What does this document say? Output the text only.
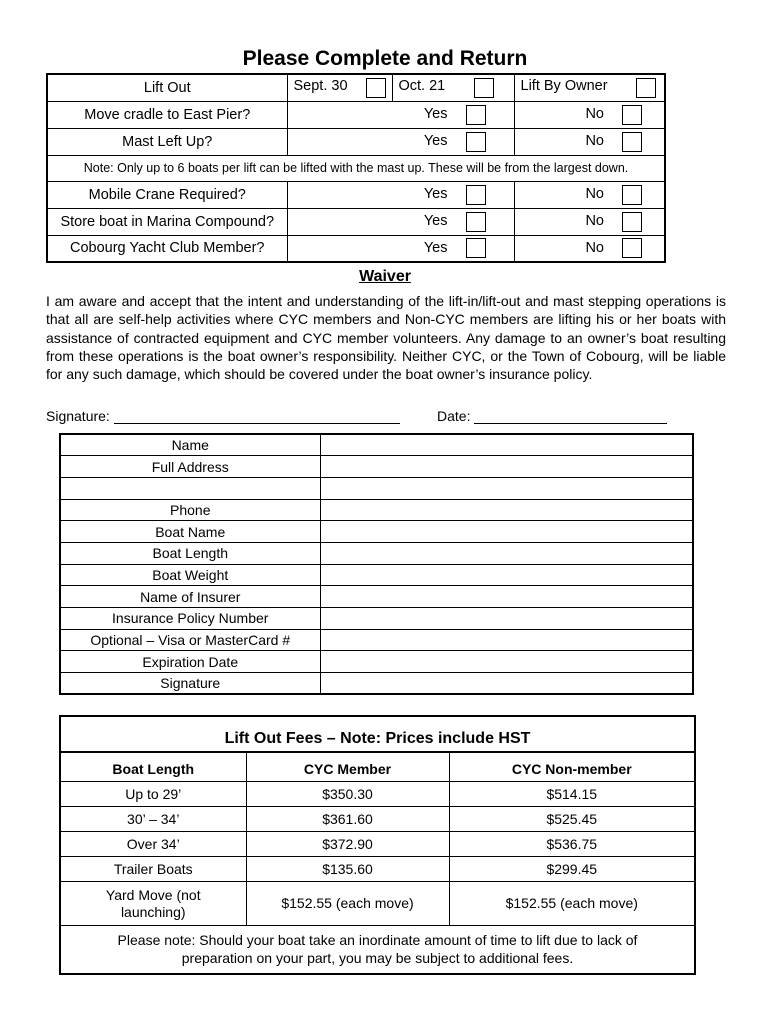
Please Complete and Return
Lift Out	Sept. 30	Oct. 21	Lift By Owner

Move cradle to East Pier?	Yes		No
Mast Left Up?	Yes		No
Note: Only up to 6 boats per lift can be lifted with the mast up. These will be from the largest down.			
Mobile Crane Required?	Yes		No
Store boat in Marina Compound?	Yes		No
Cobourg Yacht Club Member?	Yes		No
Waiver
I am aware and accept that the intent and understanding of the lift-in/lift-out and mast stepping operations is that all are self-help activities where CYC members and Non-CYC members are lifting his or her boats with assistance of contracted equipment and CYC member volunteers. Any damage to an owner’s boat resulting from these operations is the boat owner’s responsibility. Neither CYC, or the Town of Cobourg, will be liable for any such damage, which should be covered under the boat owner’s insurance policy.
Signature:	Date:
Name	
Full Address	

Phone	
Boat Name	
Boat Length	
Boat Weight	
Name of Insurer	
Insurance Policy Number	
Optional – Visa or MasterCard #	
Expiration Date	
Signature	
Lift Out Fees – Note: Prices include HST
Boat Length	CYC Member	CYC Non-member
Up to 29’	$350.30	$514.15
30’ – 34’	$361.60	$525.45
Over 34’	$372.90	$536.75
Trailer Boats	$135.60	$299.45
Yard Move (not launching)	$152.55 (each move)	$152.55 (each move)
Please note: Should your boat take an inordinate amount of time to lift due to lack of preparation on your part, you may be subject to additional fees.
